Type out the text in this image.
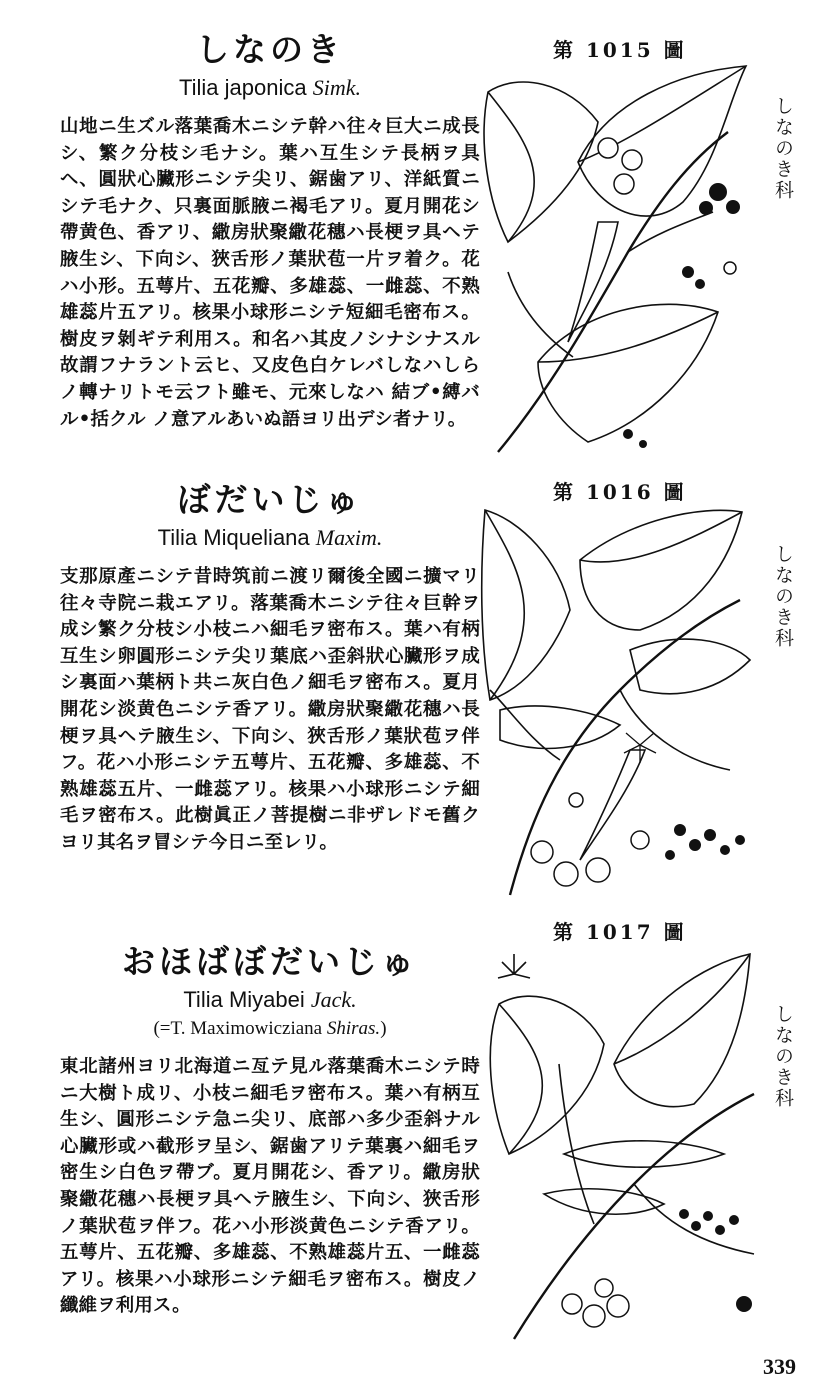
しなのき

Tilia japonica Simk.

山地ニ生ズル落葉喬木ニシテ幹ハ往々巨大ニ成長シ、繁ク分枝シ毛ナシ。葉ハ互生シテ長柄ヲ具ヘ、圓狀心臟形ニシテ尖リ、鋸歯アリ、洋紙質ニシテ毛ナク、只裏面脈腋ニ褐毛アリ。夏月開花シ帶黄色、香アリ、繖房狀聚繖花穗ハ長梗ヲ具ヘテ腋生シ、下向シ、狹舌形ノ葉狀苞一片ヲ着ク。花ハ小形。五萼片、五花瓣、多雄蕊、一雌蕊、不熟雄蕊片五アリ。核果小球形ニシテ短細毛密布ス。樹皮ヲ剝ギテ利用ス。和名ハ其皮ノシナシナスル故謂フナラント云ヒ、又皮色白ケレバしなハしらノ轉ナリトモ云フト雖モ、元來しなハ 結ブ•縛バル•括クル ノ意アルあいぬ語ヨリ出デシ者ナリ。

ぼだいじゅ

Tilia Miqueliana Maxim.

支那原產ニシテ昔時筑前ニ渡リ爾後全國ニ擴マリ往々寺院ニ栽エアリ。落葉喬木ニシテ往々巨幹ヲ成シ繁ク分枝シ小枝ニハ細毛ヲ密布ス。葉ハ有柄互生シ卵圓形ニシテ尖リ葉底ハ歪斜狀心臟形ヲ成シ裏面ハ葉柄ト共ニ灰白色ノ細毛ヲ密布ス。夏月開花シ淡黄色ニシテ香アリ。繖房狀聚繖花穗ハ長梗ヲ具ヘテ腋生シ、下向シ、狹舌形ノ葉狀苞ヲ伴フ。花ハ小形ニシテ五萼片、五花瓣、多雄蕊、不熟雄蕊五片、一雌蕊アリ。核果ハ小球形ニシテ細毛ヲ密布ス。此樹眞正ノ菩提樹ニ非ザレドモ舊クヨリ其名ヲ冒シテ今日ニ至レリ。

おほばぼだいじゅ

Tilia Miyabei Jack.

(=T. Maximowicziana Shiras.)

東北諸州ヨリ北海道ニ亙テ見ル落葉喬木ニシテ時ニ大樹ト成リ、小枝ニ細毛ヲ密布ス。葉ハ有柄互生シ、圓形ニシテ急ニ尖リ、底部ハ多少歪斜ナル心臟形或ハ截形ヲ呈シ、鋸歯アリテ葉裏ハ細毛ヲ密生シ白色ヲ帶ブ。夏月開花シ、香アリ。繖房狀聚繖花穗ハ長梗ヲ具ヘテ腋生シ、下向シ、狹舌形ノ葉狀苞ヲ伴フ。花ハ小形淡黄色ニシテ香アリ。五萼片、五花瓣、多雄蕊、不熟雄蕊片五、一雌蕊アリ。核果ハ小球形ニシテ細毛ヲ密布ス。樹皮ノ纖維ヲ利用ス。

第 1015 圖
しなのき科
第 1016 圖
しなのき科
第 1017 圖
しなのき科
339
